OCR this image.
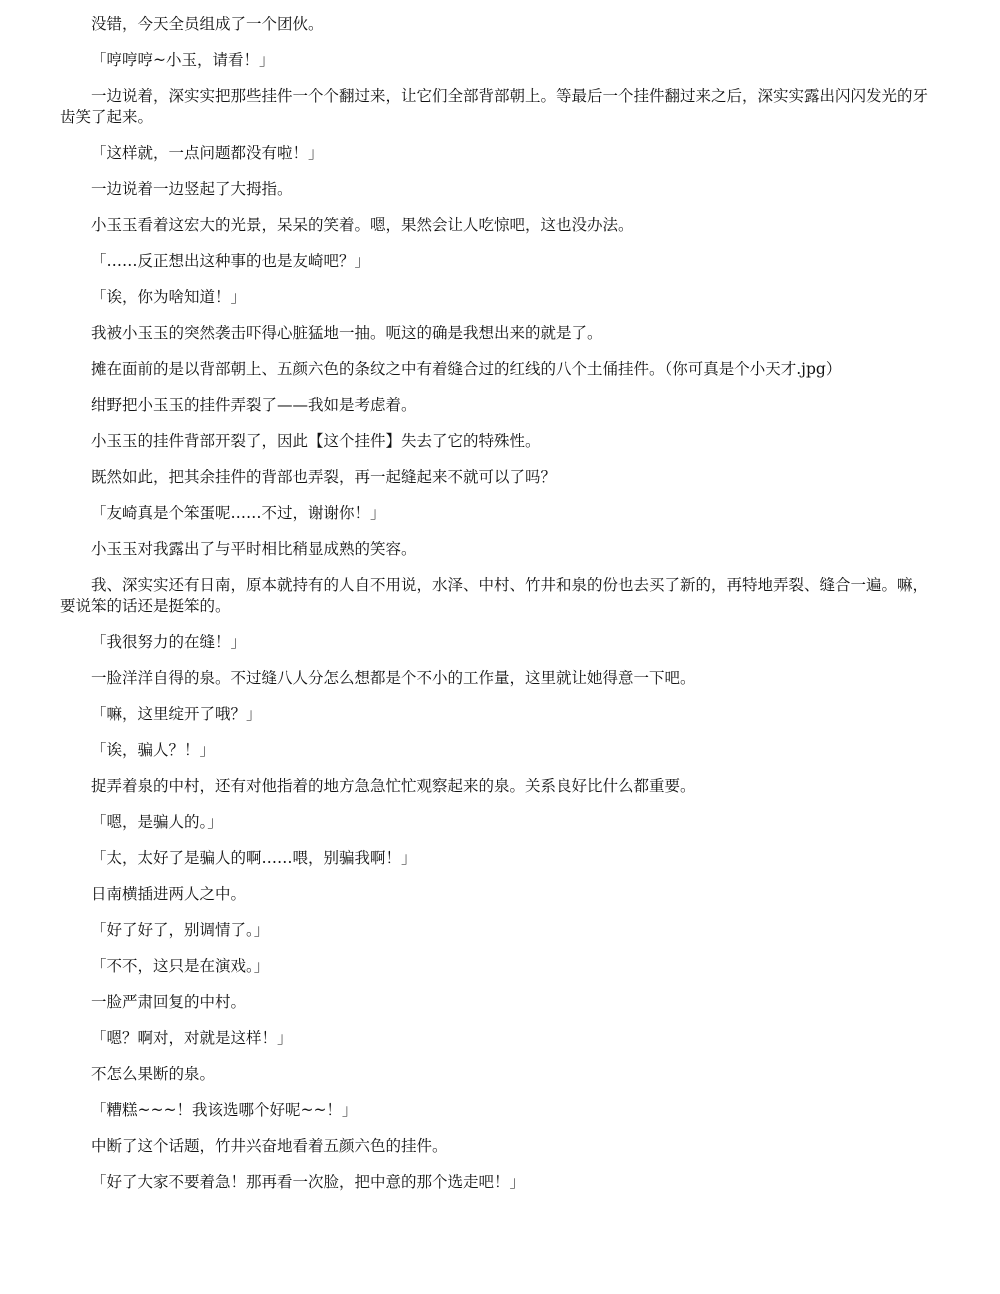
没错，今天全员组成了一个团伙。

「哼哼哼~小玉，请看！」

一边说着，深实实把那些挂件一个个翻过来，让它们全部背部朝上。等最后一个挂件翻过来之后，深实实露出闪闪发光的牙齿笑了起来。

「这样就，一点问题都没有啦！」

一边说着一边竖起了大拇指。

小玉玉看着这宏大的光景，呆呆的笑着。嗯，果然会让人吃惊吧，这也没办法。

「……反正想出这种事的也是友崎吧？」

「诶，你为啥知道！」

我被小玉玉的突然袭击吓得心脏猛地一抽。呃这的确是我想出来的就是了。

摊在面前的是以背部朝上、五颜六色的条纹之中有着缝合过的红线的八个土俑挂件。（你可真是个小天才.jpg）

绀野把小玉玉的挂件弄裂了——我如是考虑着。

小玉玉的挂件背部开裂了，因此【这个挂件】失去了它的特殊性。

既然如此，把其余挂件的背部也弄裂，再一起缝起来不就可以了吗？

「友崎真是个笨蛋呢……不过，谢谢你！」

小玉玉对我露出了与平时相比稍显成熟的笑容。

我、深实实还有日南，原本就持有的人自不用说，水泽、中村、竹井和泉的份也去买了新的，再特地弄裂、缝合一遍。嘛，要说笨的话还是挺笨的。

「我很努力的在缝！」

一脸洋洋自得的泉。不过缝八人分怎么想都是个不小的工作量，这里就让她得意一下吧。

「嘛，这里绽开了哦？」

「诶，骗人？！」

捉弄着泉的中村，还有对他指着的地方急急忙忙观察起来的泉。关系良好比什么都重要。

「嗯，是骗人的。」

「太，太好了是骗人的啊……喂，别骗我啊！」

日南横插进两人之中。

「好了好了，别调情了。」

「不不，这只是在演戏。」

一脸严肃回复的中村。

「嗯？啊对，对就是这样！」

不怎么果断的泉。

「糟糕~~~！我该选哪个好呢~~！」

中断了这个话题，竹井兴奋地看着五颜六色的挂件。

「好了大家不要着急！那再看一次脸，把中意的那个选走吧！」
